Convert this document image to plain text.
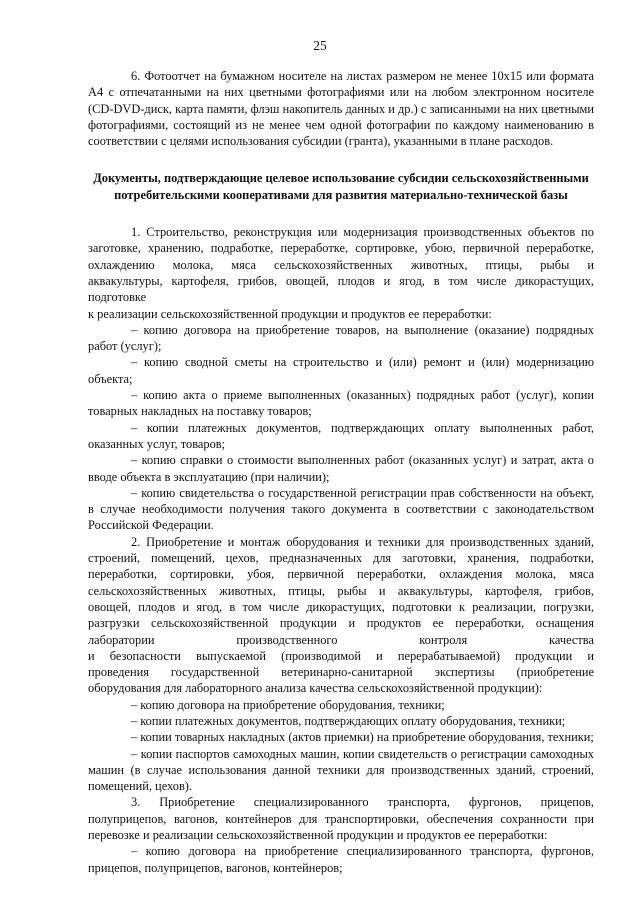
25

6. Фотоотчет на бумажном носителе на листах размером не менее 10х15 или формата А4 с отпечатанными на них цветными фотографиями или на любом электронном носителе (CD-DVD-диск, карта памяти, флэш накопитель данных и др.) с записанными на них цветными фотографиями, состоящий из не менее чем одной фотографии по каждому наименованию в соответствии с целями использования субсидии (гранта), указанными в плане расходов.

Документы, подтверждающие целевое использование субсидии сельскохозяйственными потребительскими кооперативами для развития материально-технической базы
1. Строительство, реконструкция или модернизация производственных объектов по
заготовке, хранению, подработке, переработке, сортировке, убою, первичной переработке,
охлаждению молока, мяса сельскохозяйственных животных, птицы, рыбы и
аквакультуры, картофеля, грибов, овощей, плодов и ягод, в том числе дикорастущих,
подготовке
к реализации сельскохозяйственной продукции и продуктов ее переработки:

– копию договора на приобретение товаров, на выполнение (оказание) подрядных работ (услуг);

– копию сводной сметы на строительство и (или) ремонт и (или) модернизацию объекта;

– копию акта о приеме выполненных (оказанных) подрядных работ (услуг), копии товарных накладных на поставку товаров;

– копии платежных документов, подтверждающих оплату выполненных работ, оказанных услуг, товаров;

– копию справки о стоимости выполненных работ (оказанных услуг) и затрат, акта о вводе объекта в эксплуатацию (при наличии);

– копию свидетельства о государственной регистрации прав собственности на объект, в случае необходимости получения такого документа в соответствии с законодательством Российской Федерации.

2. Приобретение и монтаж оборудования и техники для производственных зданий,
строений, помещений, цехов, предназначенных для заготовки, хранения, подработки,
переработки, сортировки, убоя, первичной переработки, охлаждения молока, мяса
сельскохозяйственных животных, птицы, рыбы и аквакультуры, картофеля, грибов,
овощей, плодов и ягод, в том числе дикорастущих, подготовки к реализации, погрузки,
разгрузки сельскохозяйственной продукции и продуктов ее переработки, оснащения
лаборатории производственного контроля качества
и безопасности выпускаемой (производимой и перерабатываемой) продукции и
проведения государственной ветеринарно-санитарной экспертизы (приобретение
оборудования для лабораторного анализа качества сельскохозяйственной продукции):

– копию договора на приобретение оборудования, техники;

– копии платежных документов, подтверждающих оплату оборудования, техники;

– копии товарных накладных (актов приемки) на приобретение оборудования, техники;

– копии паспортов самоходных машин, копии свидетельств о регистрации самоходных машин (в случае использования данной техники для производственных зданий, строений, помещений, цехов).

3. Приобретение специализированного транспорта, фургонов, прицепов,
полуприцепов, вагонов, контейнеров для транспортировки, обеспечения сохранности при
перевозке и реализации сельскохозяйственной продукции и продуктов ее переработки:

– копию договора на приобретение специализированного транспорта, фургонов, прицепов, полуприцепов, вагонов, контейнеров;
